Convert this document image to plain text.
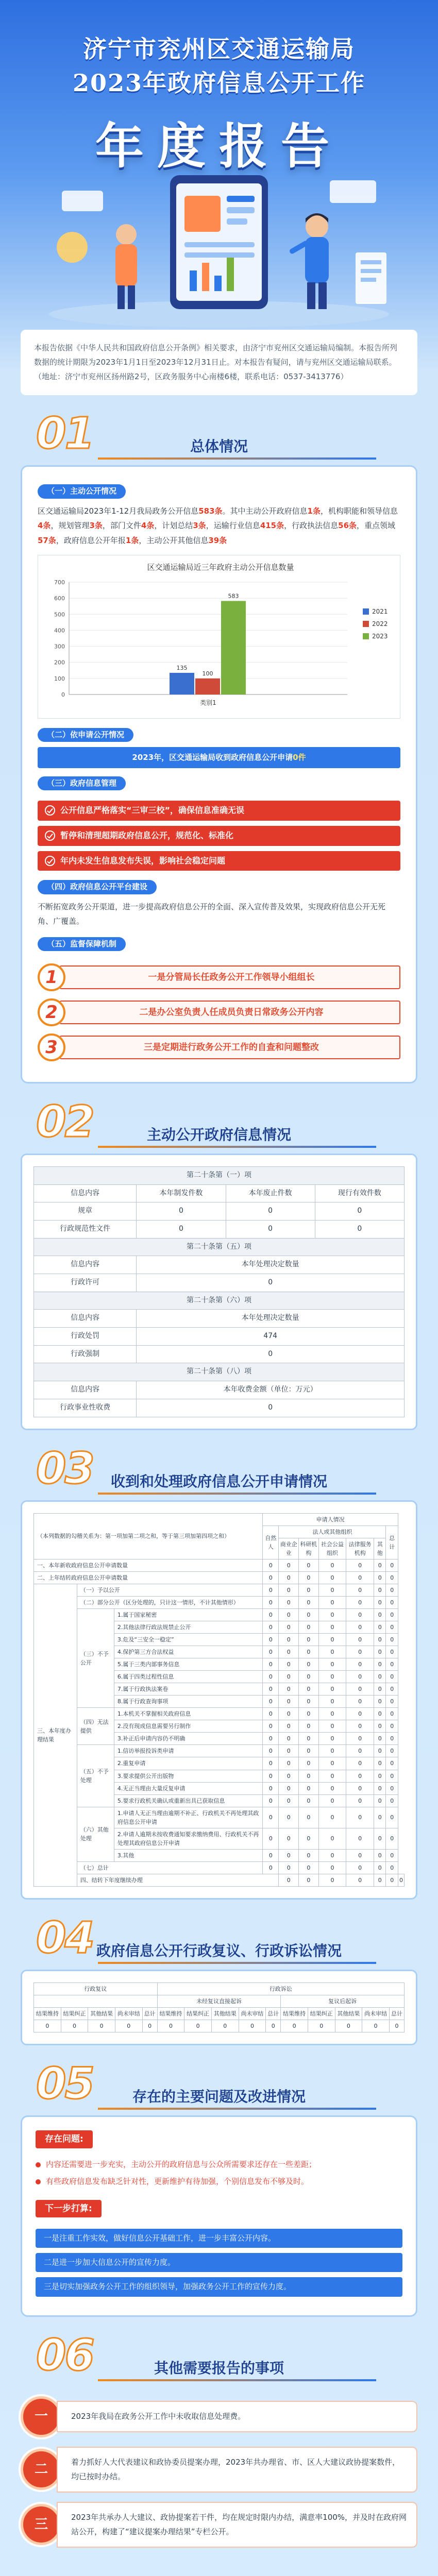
济宁市兖州区交通运输局
2023年政府信息公开工作
年度报告
本报告依据《中华人民共和国政府信息公开条例》相关要求，由济宁市兖州区交通运输局编制。本报告所列数据的统计期限为2023年1月1日至2023年12月31日止。对本报告有疑问，请与兖州区交通运输局联系。（地址：济宁市兖州区扬州路2号，区政务服务中心南楼6楼，联系电话：0537-3413776）
01	总体情况
（一）主动公开情况
区交通运输局2023年1-12月我局政务公开信息583条。其中主动公开政府信息1条，机构职能和领导信息4条，规划管理3条，部门文件4条，计划总结3条，运输行业信息415条，行政执法信息56条，重点领域57条，政府信息公开年报1条，主动公开其他信息39条
区交通运输局近三年政府主动公开信息数量
0
100
200
300
400
500
600
700
135
100
583
类别1
2021
2022
2023
（二）依申请公开情况
2023年，区交通运输局收到政府信息公开申请0件
（三）政府信息管理
公开信息严格落实“三审三校”，确保信息准确无误
暂停和清理超期政府信息公开，规范化、标准化
年内未发生信息发布失误，影响社会稳定问题
（四）政府信息公开平台建设
不断拓宽政务公开渠道，进一步提高政府信息公开的全面、深入宣传普及效果，实现政府信息公开无死角、广覆盖。
（五）监督保障机制
1	一是分管局长任政务公开工作领导小组组长
2	二是办公室负责人任成员负责日常政务公开内容
3	三是定期进行政务公开工作的自查和问题整改
02	主动公开政府信息情况
第二十条第（一）项			
信息内容	本年制发件数	本年废止件数	现行有效件数
规章	0	0	0
行政规范性文件	0	0	0
第二十条第（五）项			
信息内容	本年处理决定数量		
行政许可	0		
第二十条第（六）项			
信息内容	本年处理决定数量		
行政处罚	474		
行政强制	0		
第二十条第（八）项			
信息内容	本年收费金额（单位：万元）		
行政事业性收费	0		
03	收到和处理政府信息公开申请情况
（本列数据的勾稽关系为：第一项加第二项之和，等于第三项加第四项之和）			申请人情况							
			自然人	法人或其他组织					总计	
				商业企业	科研机构	社会公益组织	法律服务机构	其他		
一、本年新收政府信息公开申请数量			0	0	0	0	0	0	0	
二、上年结转政府信息公开申请数量			0	0	0	0	0	0	0	
三、本年度办理结果	（一）予以公开		0	0	0	0	0	0	0	
	（二）部分公开（区分处理的，只计这一情形，不计其他情形）		0	0	0	0	0	0	0	
	（三）不予公开	1.属于国家秘密	0	0	0	0	0	0	0	
		2.其他法律行政法规禁止公开	0	0	0	0	0	0	0	
		3.危及“三安全一稳定”	0	0	0	0	0	0	0	
		4.保护第三方合法权益	0	0	0	0	0	0	0	
		5.属于三类内部事务信息	0	0	0	0	0	0	0	
		6.属于四类过程性信息	0	0	0	0	0	0	0	
		7.属于行政执法案卷	0	0	0	0	0	0	0	
		8.属于行政查询事项	0	0	0	0	0	0	0	
	（四）无法提供	1.本机关不掌握相关政府信息	0	0	0	0	0	0	0	
		2.没有现成信息需要另行制作	0	0	0	0	0	0	0	
		3.补正后申请内容仍不明确	0	0	0	0	0	0	0	
	（五）不予处理	1.信访举报投诉类申请	0	0	0	0	0	0	0	
		2.重复申请	0	0	0	0	0	0	0	
		3.要求提供公开出版物	0	0	0	0	0	0	0	
		4.无正当理由大量反复申请	0	0	0	0	0	0	0	
		5.要求行政机关确认或重新出具已获取信息	0	0	0	0	0	0	0	
	（六）其他处理	1.申请人无正当理由逾期不补正、行政机关不再处理其政府信息公开申请	0	0	0	0	0	0	0	
		2.申请人逾期未按收费通知要求缴纳费用、行政机关不再处理其政府信息公开申请	0	0	0	0	0	0	0	
		3.其他	0	0	0	0	0	0	0	
	（七）总计		0	0	0	0	0	0	0	
	四、结转下年度继续办理			0	0	0	0	0	0	0
04 政府信息公开行政复议、行政诉讼情况
行政复议					行政诉讼									
					未经复议直接起诉					复议后起诉				
结果维持	结果纠正	其他结果	尚未审结	总计	结果维持	结果纠正	其他结果	尚未审结	总计	结果维持	结果纠正	其他结果	尚未审结	总计
0	0	0	0	0	0	0	0	0	0	0	0	0	0	0
05	存在的主要问题及改进情况
存在问题:
内容还需要进一步充实，主动公开的政府信息与公众所需要求还存在一些差距；
有些政府信息发布缺乏针对性，更新维护有待加强，个别信息发布不够及时。
下一步打算:
一是注重工作实效，做好信息公开基础工作，进一步丰富公开内容。
二是进一步加大信息公开的宣传力度。
三是切实加强政务公开工作的组织领导，加强政务公开工作的宣传力度。
06	其他需要报告的事项
一	2023年我局在政务公开工作中未收取信息处理费。
二	着力抓好人大代表建议和政协委员提案办理，2023年共办理省、市、区人大建议政协提案数件，均已按时办结。
三	2023年共承办人大建议、政协提案若干件，均在规定时限内办结，满意率100%，并及时在政府网站公开，构建了“建议提案办理结果”专栏公开。
